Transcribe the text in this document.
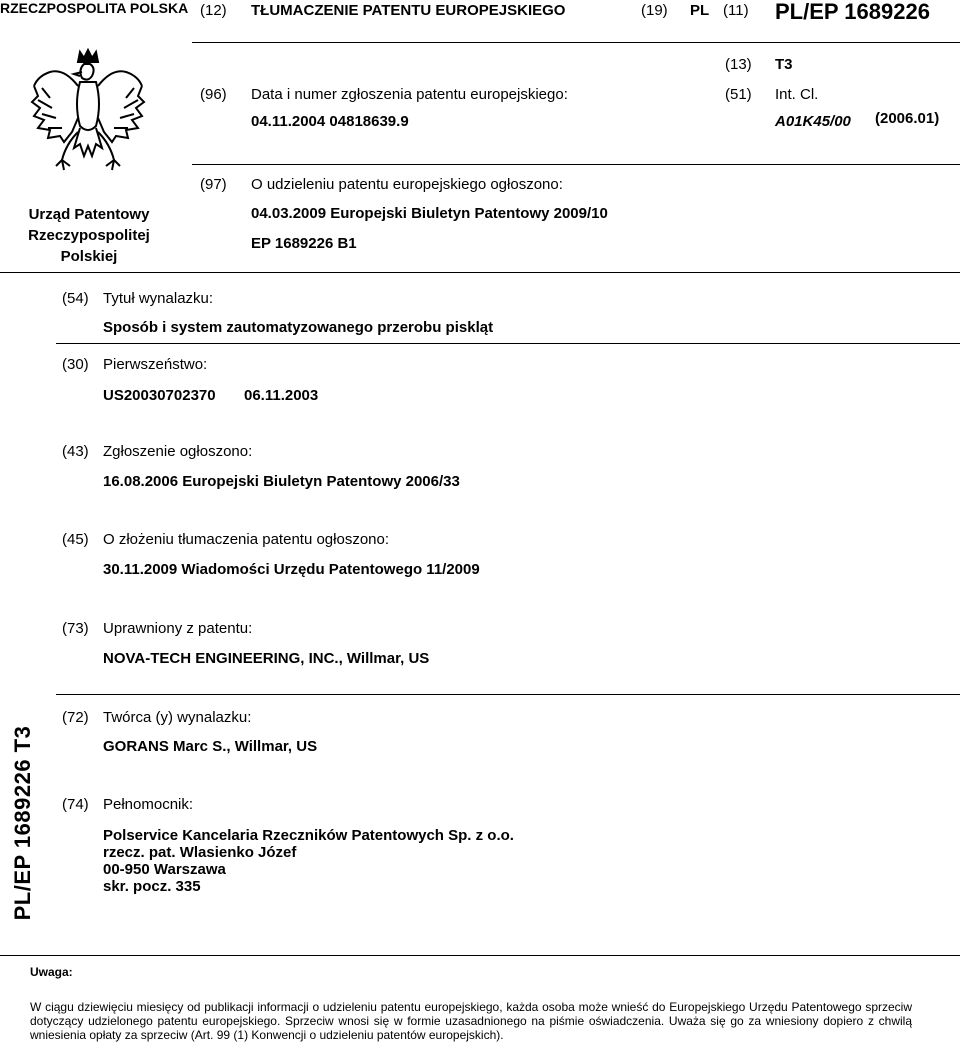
RZECZPOSPOLITA POLSKA (12) TŁUMACZENIE PATENTU EUROPEJSKIEGO	(19) PL (11) PL/EP 1689226
(13) T3
(96) Data i numer zgłoszenia patentu europejskiego:
04.11.2004 04818639.9
(51) Int. Cl.
A01K45/00 (2006.01)
(97) O udzieleniu patentu europejskiego ogłoszono:
04.03.2009 Europejski Biuletyn Patentowy 2009/10
EP 1689226 B1
Urząd Patentowy
Rzeczypospolitej
Polskiej
(54) Tytuł wynalazku:
Sposób i system zautomatyzowanego przerobu piskląt
(30) Pierwszeństwo:
US20030702370 06.11.2003
(43) Zgłoszenie ogłoszono:
16.08.2006 Europejski Biuletyn Patentowy 2006/33
(45) O złożeniu tłumaczenia patentu ogłoszono:
30.11.2009 Wiadomości Urzędu Patentowego 11/2009
(73) Uprawniony z patentu:
NOVA-TECH ENGINEERING, INC., Willmar, US
(72) Twórca (y) wynalazku:
GORANS Marc S., Willmar, US
(74) Pełnomocnik:
Polservice Kancelaria Rzeczników Patentowych Sp. z o.o.
rzecz. pat. Wlasienko Józef
00-950 Warszawa
skr. pocz. 335
PL/EP 1689226 T3
Uwaga:
W ciągu dziewięciu miesięcy od publikacji informacji o udzieleniu patentu europejskiego, każda osoba może wnieść do Europejskiego Urzędu Patentowego sprzeciw
dotyczący udzielonego patentu europejskiego. Sprzeciw wnosi się w formie uzasadnionego na piśmie oświadczenia. Uważa się go za wniesiony dopiero z chwilą
wniesienia opłaty za sprzeciw (Art. 99 (1) Konwencji o udzieleniu patentów europejskich).
